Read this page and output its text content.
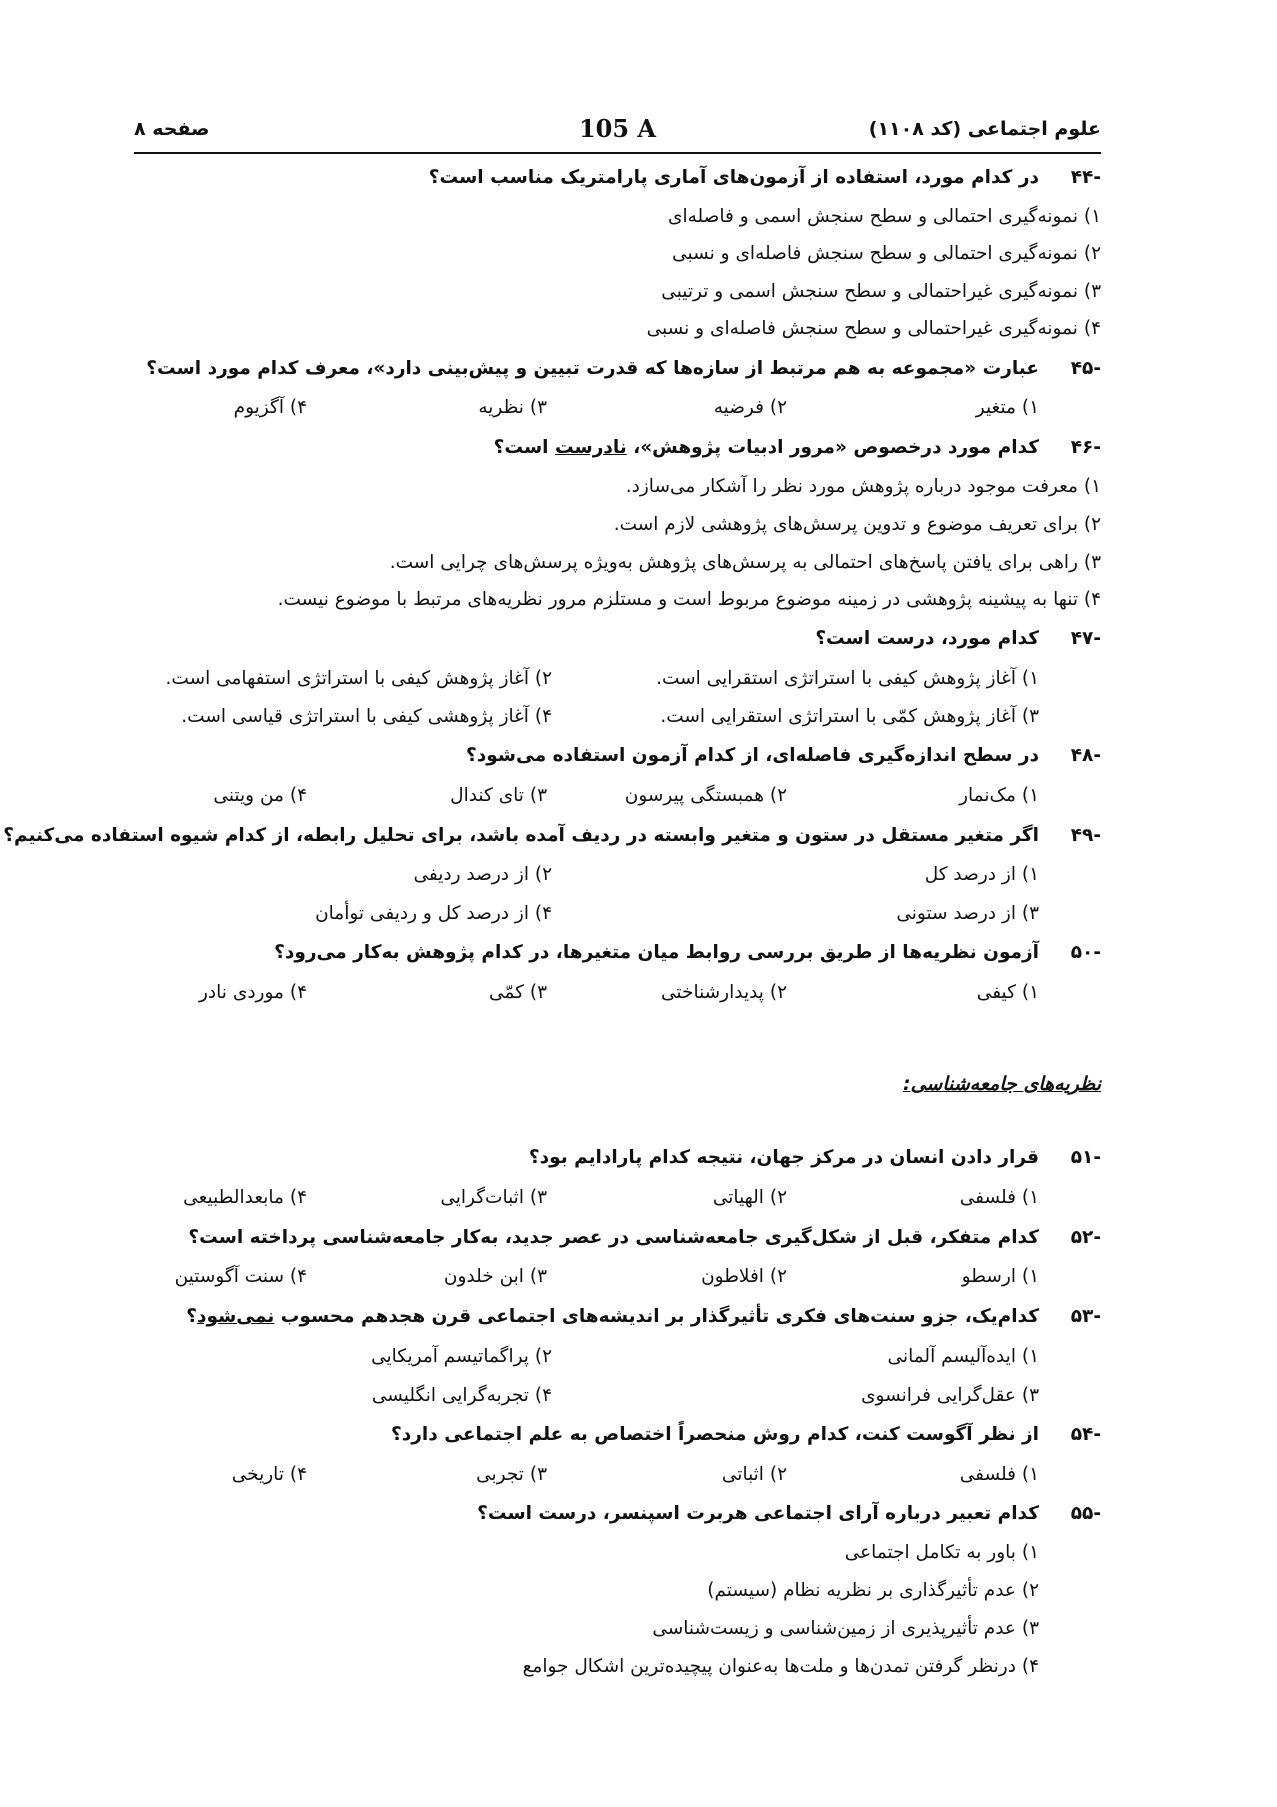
علوم اجتماعی (کد ۱۱۰۸)
105 A
صفحه ۸
-۴۴
در کدام مورد، استفاده از آزمون‌های آماری پارامتریک مناسب است؟
۱) نمونه‌گیری احتمالی و سطح سنجش اسمی و فاصله‌ای
۲) نمونه‌گیری احتمالی و سطح سنجش فاصله‌ای و نسبی
۳) نمونه‌گیری غیراحتمالی و سطح سنجش اسمی و ترتیبی
۴) نمونه‌گیری غیراحتمالی و سطح سنجش فاصله‌ای و نسبی
-۴۵
عبارت «مجموعه به هم مرتبط از سازه‌ها که قدرت تبیین و پیش‌بینی دارد»، معرف کدام مورد است؟
۱) متغیر
۲) فرضیه
۳) نظریه
۴) آگزیوم
-۴۶
کدام مورد درخصوص «مرور ادبیات پژوهش»، نادرست است؟
۱) معرفت موجود درباره پژوهش مورد نظر را آشکار می‌سازد.
۲) برای تعریف موضوع و تدوین پرسش‌های پژوهشی لازم است.
۳) راهی برای یافتن پاسخ‌های احتمالی به پرسش‌های پژوهش به‌ویژه پرسش‌های چرایی است.
۴) تنها به پیشینه پژوهشی در زمینه موضوع مربوط است و مستلزم مرور نظریه‌های مرتبط با موضوع نیست.
-۴۷
کدام مورد، درست است؟
۱) آغاز پژوهش کیفی با استراتژی استقرایی است.
۲) آغاز پژوهش کیفی با استراتژی استفهامی است.
۳) آغاز پژوهش کمّی با استراتژی استقرایی است.
۴) آغاز پژوهشی کیفی با استراتژی قیاسی است.
-۴۸
در سطح اندازه‌گیری فاصله‌ای، از کدام آزمون استفاده می‌شود؟
۱) مک‌نمار
۲) همبستگی پیرسون
۳) تای کندال
۴) من ویتنی
-۴۹
اگر متغیر مستقل در ستون و متغیر وابسته در ردیف آمده باشد، برای تحلیل رابطه، از کدام شیوه استفاده می‌کنیم؟
۱) از درصد کل
۲) از درصد ردیفی
۳) از درصد ستونی
۴) از درصد کل و ردیفی توأمان
-۵۰
آزمون نظریه‌ها از طریق بررسی روابط میان متغیرها، در کدام پژوهش به‌کار می‌رود؟
۱) کیفی
۲) پدیدارشناختی
۳) کمّی
۴) موردی نادر
نظریه‌های جامعه‌شناسی:
-۵۱
قرار دادن انسان در مرکز جهان، نتیجه کدام پارادایم بود؟
۱) فلسفی
۲) الهیاتی
۳) اثبات‌گرایی
۴) مابعدالطبیعی
-۵۲
کدام متفکر، قبل از شکل‌گیری جامعه‌شناسی در عصر جدید، به‌کار جامعه‌شناسی پرداخته است؟
۱) ارسطو
۲) افلاطون
۳) ابن خلدون
۴) سنت آگوستین
-۵۳
کدام‌یک، جزو سنت‌های فکری تأثیرگذار بر اندیشه‌های اجتماعی قرن هجدهم محسوب نمی‌شود؟
۱) ایده‌آلیسم آلمانی
۲) پراگماتیسم آمریکایی
۳) عقل‌گرایی فرانسوی
۴) تجربه‌گرایی انگلیسی
-۵۴
از نظر آگوست کنت، کدام روش منحصراً اختصاص به علم اجتماعی دارد؟
۱) فلسفی
۲) اثباتی
۳) تجربی
۴) تاریخی
-۵۵
کدام تعبیر درباره آرای اجتماعی هربرت اسپنسر، درست است؟
۱) باور به تکامل اجتماعی
۲) عدم تأثیرگذاری بر نظریه نظام (سیستم)
۳) عدم تأثیرپذیری از زمین‌شناسی و زیست‌شناسی
۴) درنظر گرفتن تمدن‌ها و ملت‌ها به‌عنوان پیچیده‌ترین اشکال جوامع
